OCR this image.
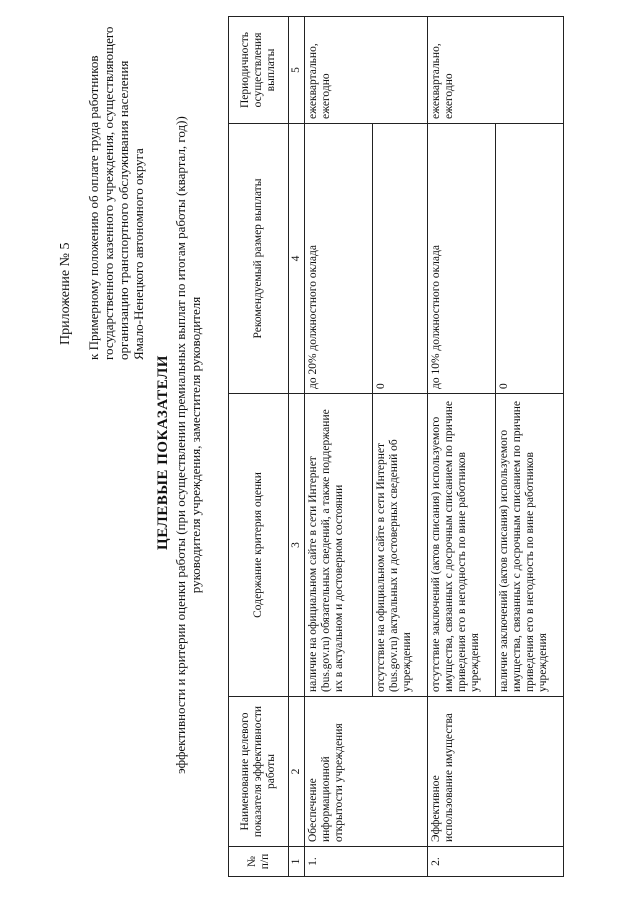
Приложение № 5 к Примерному положению об оплате труда работников государственного казенного учреждения, осуществляющего организацию транспортного обслуживания населения Ямало-Ненецкого автономного округа
ЦЕЛЕВЫЕ ПОКАЗАТЕЛИ эффективности и критерии оценки работы (при осуществлении премиальных выплат по итогам работы (квартал, год)) руководителя учреждения, заместителя руководителя
№ п/п	Наименование целевого показателя эффективности работы	Содержание критерия оценки	Рекомендуемый размер выплаты	Периодичность осуществления выплаты
1	2	3	4	5
1.	Обеспечение информационной открытости учреждения	наличие на официальном сайте в сети Интернет (bus.gov.ru) обязательных сведений, а также поддержание их в актуальном и достоверном состоянии	до 20% должностного оклада	ежеквартально, ежегодно
		отсутствие на официальном сайте в сети Интернет (bus.gov.ru) актуальных и достоверных сведений об учреждении	0	
2.	Эффективное использование имущества	отсутствие заключений (актов списания) используемого имущества, связанных с досрочным списанием по причине приведения его в негодность по вине работников учреждения	до 10% должностного оклада	ежеквартально, ежегодно
		наличие заключений (актов списания) используемого имущества, связанных с досрочным списанием по причине приведения его в негодность по вине работников учреждения	0	
